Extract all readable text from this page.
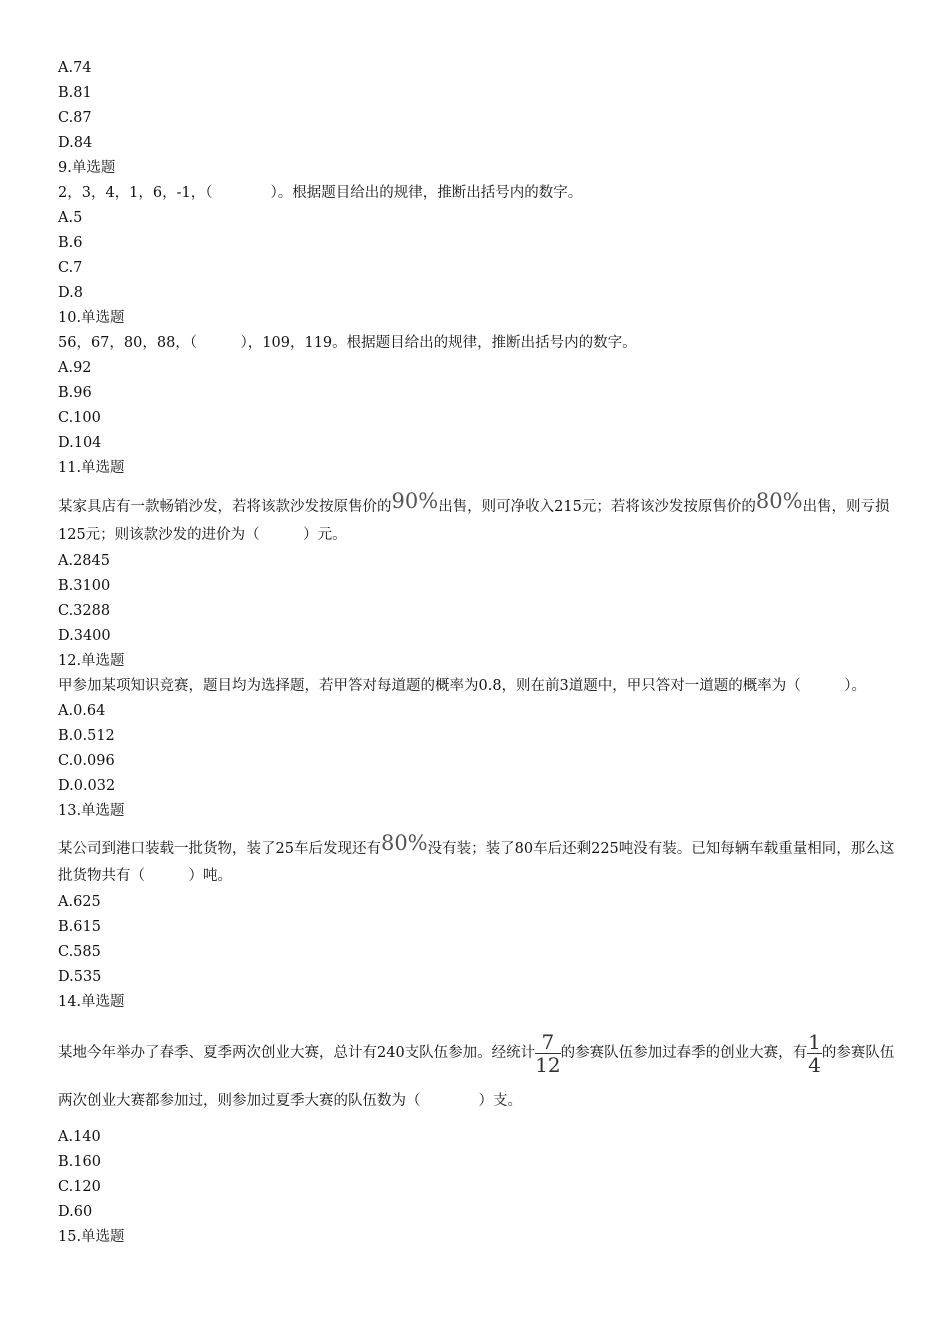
A.74
B.81
C.87
D.84
9.单选题
2，3，4，1，6，-1，（　　　　）。根据题目给出的规律，推断出括号内的数字。
A.5
B.6
C.7
D.8
10.单选题
56，67，80，88，（　　　），109，119。根据题目给出的规律，推断出括号内的数字。
A.92
B.96
C.100
D.104
11.单选题
某家具店有一款畅销沙发，若将该款沙发按原售价的90%出售，则可净收入215元；若将该沙发按原售价的80%出售，则亏损125元；则该款沙发的进价为（　　　）元。
A.2845
B.3100
C.3288
D.3400
12.单选题
甲参加某项知识竞赛，题目均为选择题，若甲答对每道题的概率为0.8，则在前3道题中，甲只答对一道题的概率为（　　　）。
A.0.64
B.0.512
C.0.096
D.0.032
13.单选题
某公司到港口装载一批货物，装了25车后发现还有80%没有装；装了80车后还剩225吨没有装。已知每辆车载重量相同，那么这批货物共有（　　　）吨。
A.625
B.615
C.585
D.535
14.单选题
某地今年举办了春季、夏季两次创业大赛，总计有240支队伍参加。经统计 $\frac{7}{12}$ 的参赛队伍参加过春季的创业大赛，有 $\frac{1}{4}$ 的参赛队伍两次创业大赛都参加过，则参加过夏季大赛的队伍数为（　　　　）支。
A.140
B.160
C.120
D.60
15.单选题
